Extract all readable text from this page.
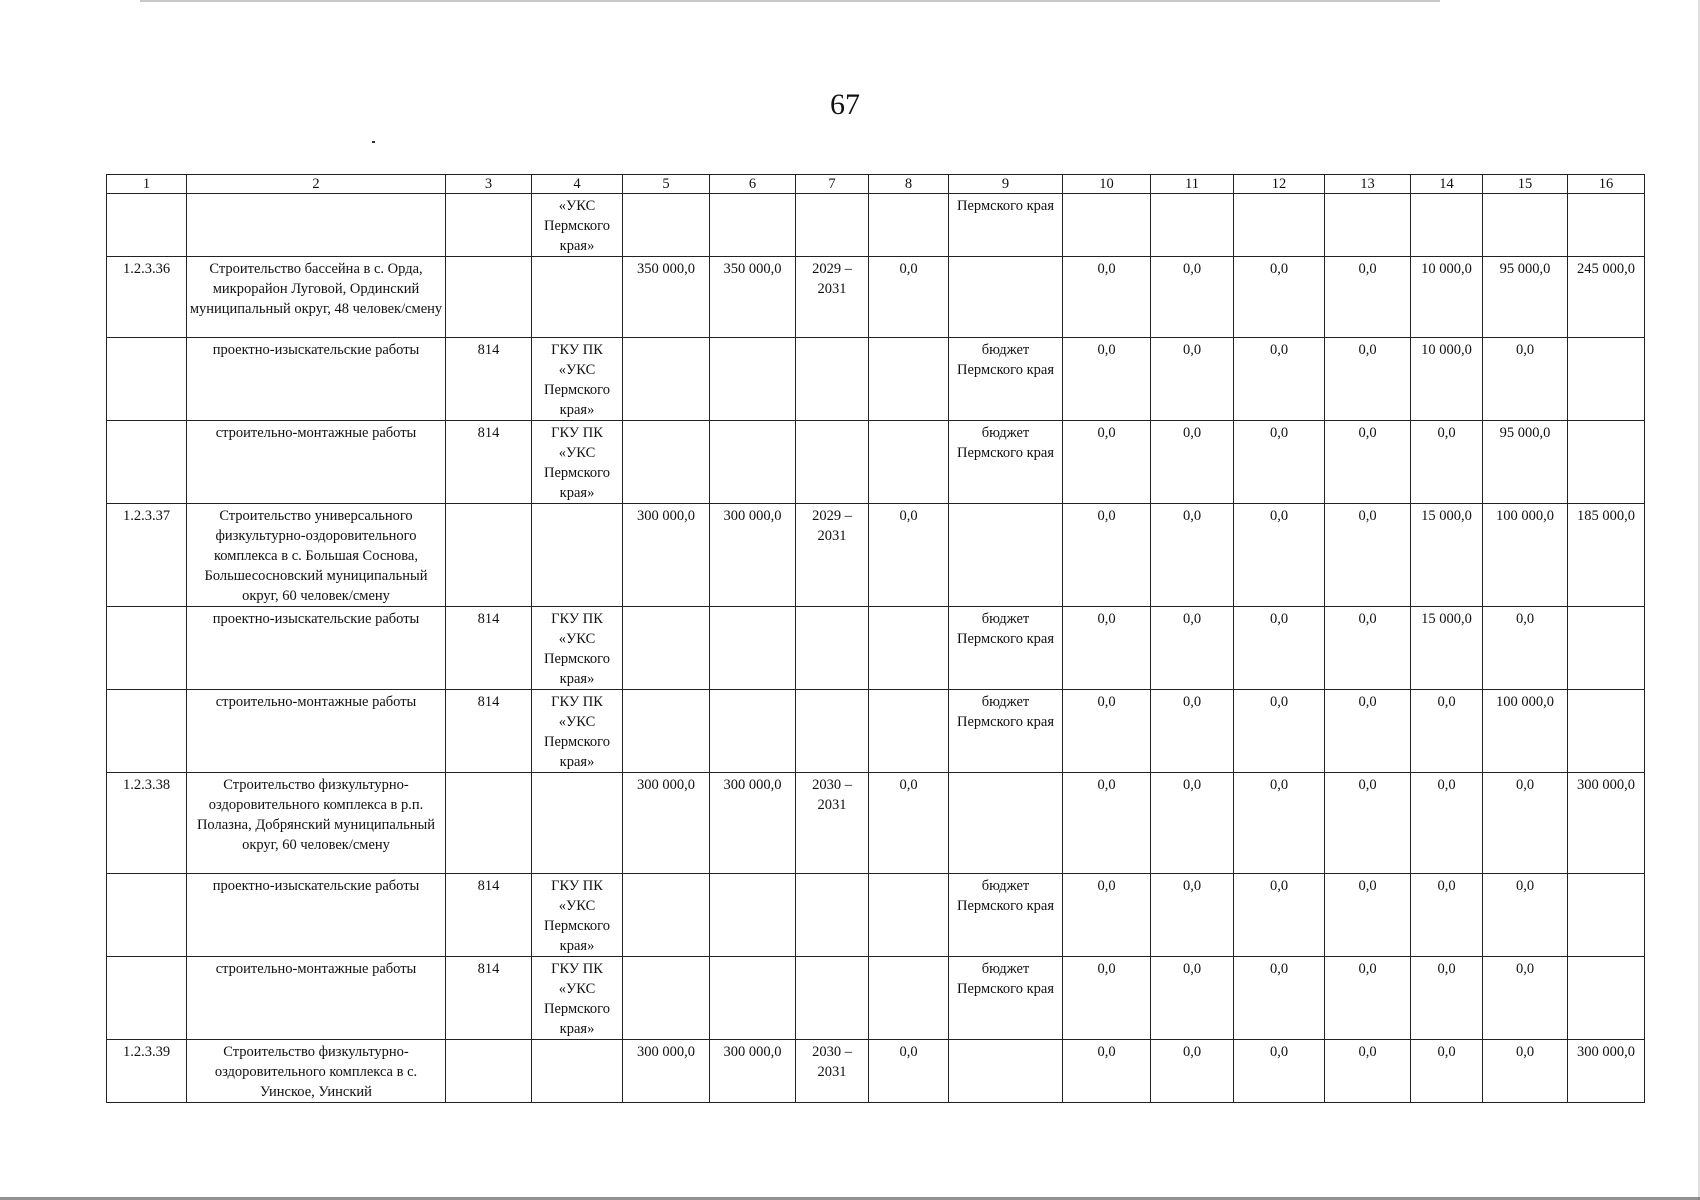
67
1	2	3	4	5	6	7	8	9	10	11	12	13	14	15	16
			«УКС Пермского края»					Пермского края							
1.2.3.36	Строительство бассейна в с. Орда, микрорайон Луговой, Ординский муниципальный округ, 48 человек/смену			350 000,0	350 000,0	2029 – 2031	0,0		0,0	0,0	0,0	0,0	10 000,0	95 000,0	245 000,0
	проектно-изыскательские работы	814	ГКУ ПК «УКС Пермского края»					бюджет Пермского края	0,0	0,0	0,0	0,0	10 000,0	0,0	
	строительно-монтажные работы	814	ГКУ ПК «УКС Пермского края»					бюджет Пермского края	0,0	0,0	0,0	0,0	0,0	95 000,0	
1.2.3.37	Строительство универсального физкультурно-оздоровительного комплекса в с. Большая Соснова, Большесосновский муниципальный округ, 60 человек/смену			300 000,0	300 000,0	2029 – 2031	0,0		0,0	0,0	0,0	0,0	15 000,0	100 000,0	185 000,0
	проектно-изыскательские работы	814	ГКУ ПК «УКС Пермского края»					бюджет Пермского края	0,0	0,0	0,0	0,0	15 000,0	0,0	
	строительно-монтажные работы	814	ГКУ ПК «УКС Пермского края»					бюджет Пермского края	0,0	0,0	0,0	0,0	0,0	100 000,0	
1.2.3.38	Строительство физкультурно-оздоровительного комплекса в р.п. Полазна, Добрянский муниципальный округ, 60 человек/смену			300 000,0	300 000,0	2030 – 2031	0,0		0,0	0,0	0,0	0,0	0,0	0,0	300 000,0
	проектно-изыскательские работы	814	ГКУ ПК «УКС Пермского края»					бюджет Пермского края	0,0	0,0	0,0	0,0	0,0	0,0	
	строительно-монтажные работы	814	ГКУ ПК «УКС Пермского края»					бюджет Пермского края	0,0	0,0	0,0	0,0	0,0	0,0	
1.2.3.39	Строительство физкультурно-оздоровительного комплекса в с. Уинское, Уинский			300 000,0	300 000,0	2030 – 2031	0,0		0,0	0,0	0,0	0,0	0,0	0,0	300 000,0
